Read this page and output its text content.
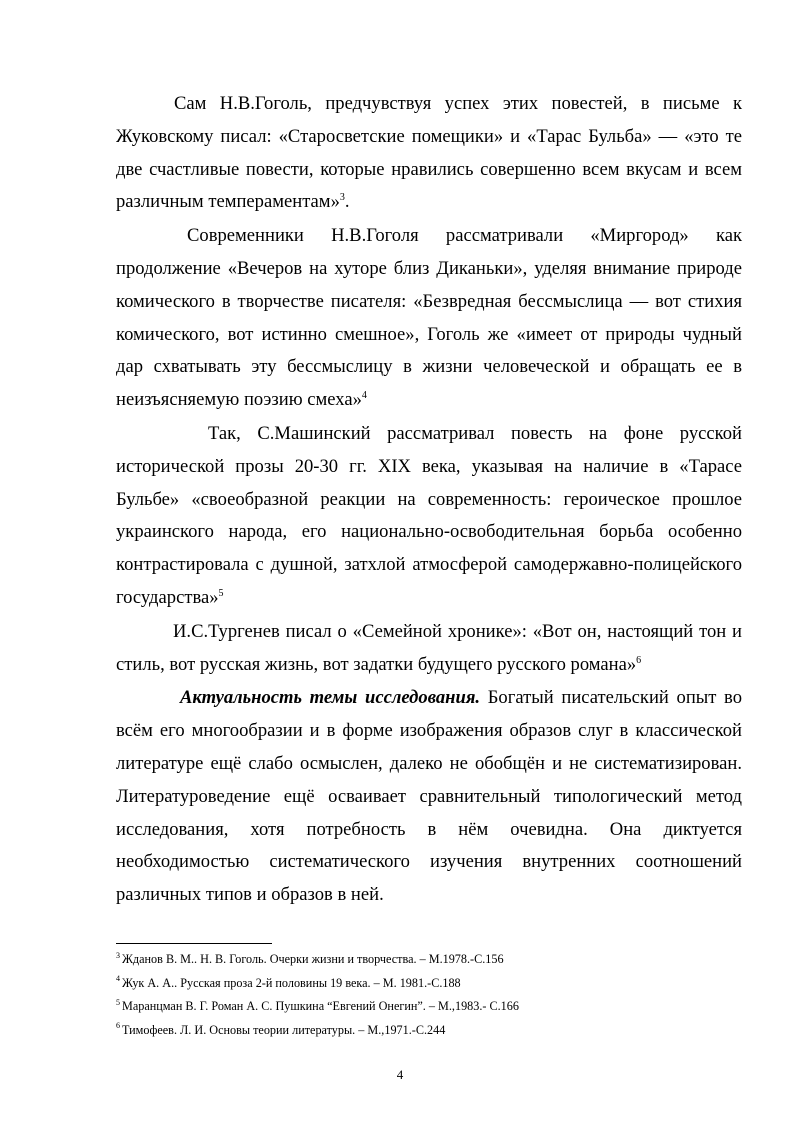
Сам Н.В.Гоголь, предчувствуя успех этих повестей, в письме к Жуковскому писал: «Старосветские помещики» и «Тарас Бульба» — «это те две счастливые повести, которые нравились совершенно всем вкусам и всем различным темпераментам»$^3$.

Современники Н.В.Гоголя рассматривали «Миргород» как продолжение «Вечеров на хуторе близ Диканьки», уделяя внимание природе комического в творчестве писателя: «Безвредная бессмыслица — вот стихия комического, вот истинно смешное», Гоголь же «имеет от природы чудный дар схватывать эту бессмыслицу в жизни человеческой и обращать ее в неизъясняемую поэзию смеха»$^4$

Так, С.Машинский рассматривал повесть на фоне русской исторической прозы 20-30 гг. XIX века, указывая на наличие в «Тарасе Бульбе» «своеобразной реакции на современность: героическое прошлое украинского народа, его национально-освободительная борьба особенно контрастировала с душной, затхлой атмосферой самодержавно-полицейского государства»$^5$

И.С.Тургенев писал о «Семейной хронике»: «Вот он, настоящий тон и стиль, вот русская жизнь, вот задатки будущего русского романа»$^6$

Актуальность темы исследования. Богатый писательский опыт во всём его многообразии и в форме изображения образов слуг в классической литературе ещё слабо осмыслен, далеко не обобщён и не систематизирован. Литературоведение ещё осваивает сравнительный типологический метод исследования, хотя потребность в нём очевидна. Она диктуется необходимостью систематического изучения внутренних соотношений различных типов и образов в ней.

$^3$ Жданов В. М.. Н. В. Гоголь. Очерки жизни и творчества. – М.1978.-С.156

$^4$ Жук А. А.. Русская проза 2-й половины 19 века. – М. 1981.-С.188

$^5$ Маранцман В. Г. Роман А. С. Пушкина “Евгений Онегин”. – М.,1983.- С.166

$^6$ Тимофеев. Л. И. Основы теории литературы. – М.,1971.-С.244

4
